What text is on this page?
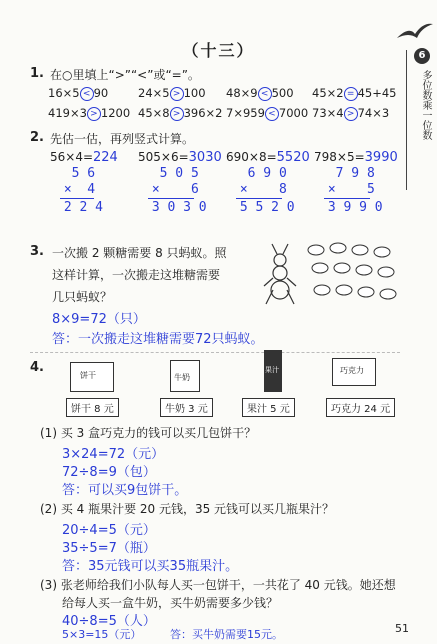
（十三）	6
多位数乘一位数
1. 在○里填上“>”“<”或“=”。
16×5 < 90	24×5 > 100 48×9 < 500 45×2 = 45+45
419×3 > 1200 45×8 > 396×2 7×959 < 7000 73×4 > 74×3
2. 先估一估，再列竖式计算。
56×4=224
5 6
×  4
2 2 4
505×6=3030
5 0 5
×    6
3 0 3 0
690×8=5520
6 9 0
×    8
5 5 2 0
798×5=3990
7 9 8
×    5
3 9 9 0
3. 一次搬 2 颗糖需要 8 只蚂蚁。照
这样计算，一次搬走这堆糖需要
几只蚂蚁？
8×9=72（只）
答：一次搬走这堆糖需要72只蚂蚁。
4.
饼干	牛奶
果汁	巧克力
饼干 8 元	牛奶 3 元	果汁 5 元	巧克力 24 元
(1) 买 3 盒巧克力的钱可以买几包饼干？
3×24=72（元）
72÷8=9（包）
答：可以买9包饼干。
(2) 买 4 瓶果汁要 20 元钱，35 元钱可以买几瓶果汁？
20÷4=5（元）
35÷5=7（瓶）
答：35元钱可以买35瓶果汁。
(3) 张老师给我们小队每人买一包饼干，一共花了 40 元钱。她还想
给每人买一盒牛奶，买牛奶需要多少钱？
40÷8=5（人）
5×3=15（元）	答：买牛奶需要15元。	51
